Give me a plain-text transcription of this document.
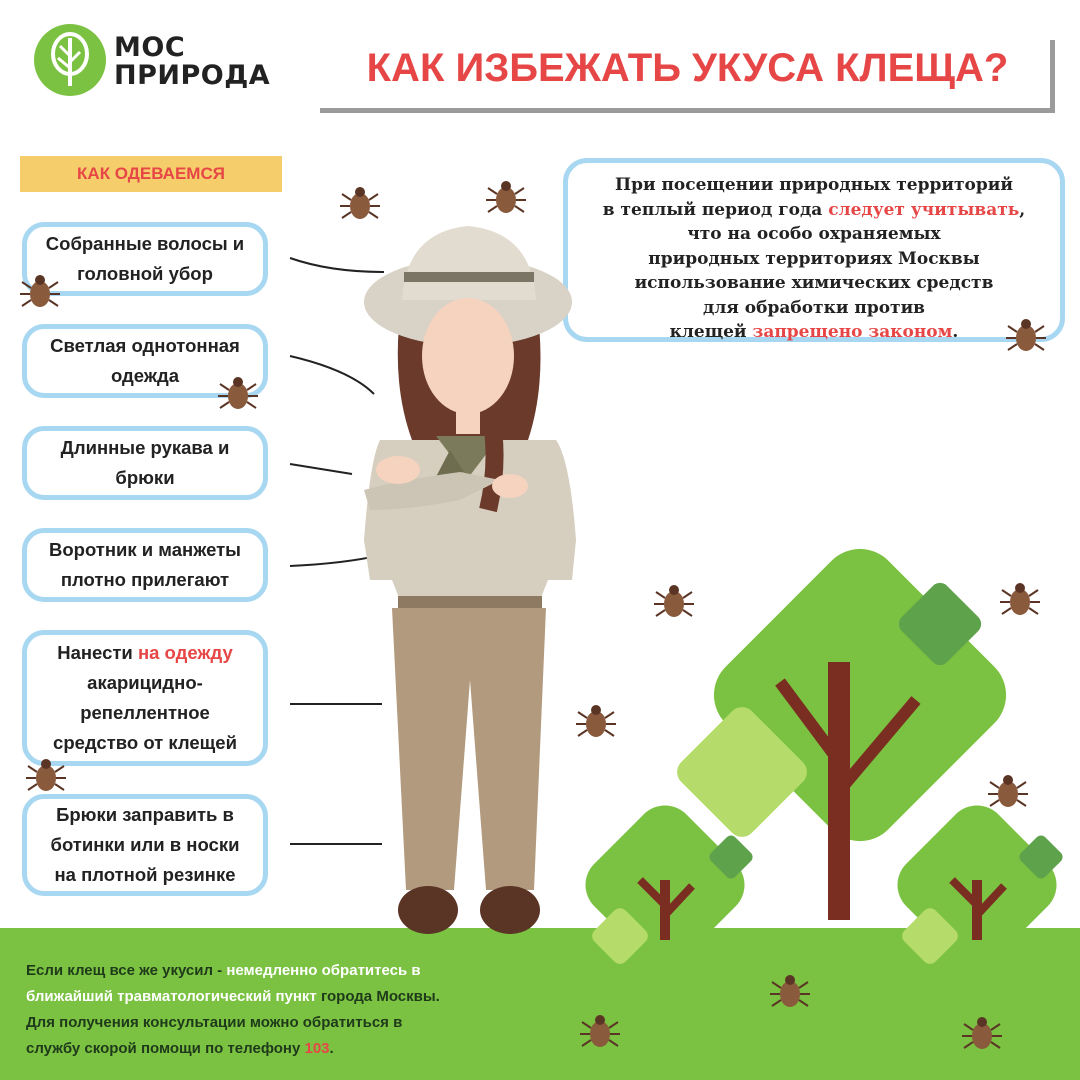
МОС
ПРИРОДА	КАК ИЗБЕЖАТЬ УКУСА КЛЕЩА?
КАК ОДЕВАЕМСЯ
Собранные волосы и
головной убор
Светлая однотонная
одежда
Длинные рукава и
брюки
Воротник и манжеты
плотно прилегают
Нанести на одежду
акарицидно-
репеллентное
средство от клещей
Брюки заправить в
ботинки или в носки
на плотной резинке
При посещении природных территорий
в теплый период года следует учитывать,
что на особо охраняемых
природных территориях Москвы
использование химических средств
для обработки против
клещей запрещено законом.
Если клещ все же укусил - немедленно обратитесь в
ближайший травматологический пункт города Москвы.
Для получения консультации можно обратиться в
службу скорой помощи по телефону 103.
